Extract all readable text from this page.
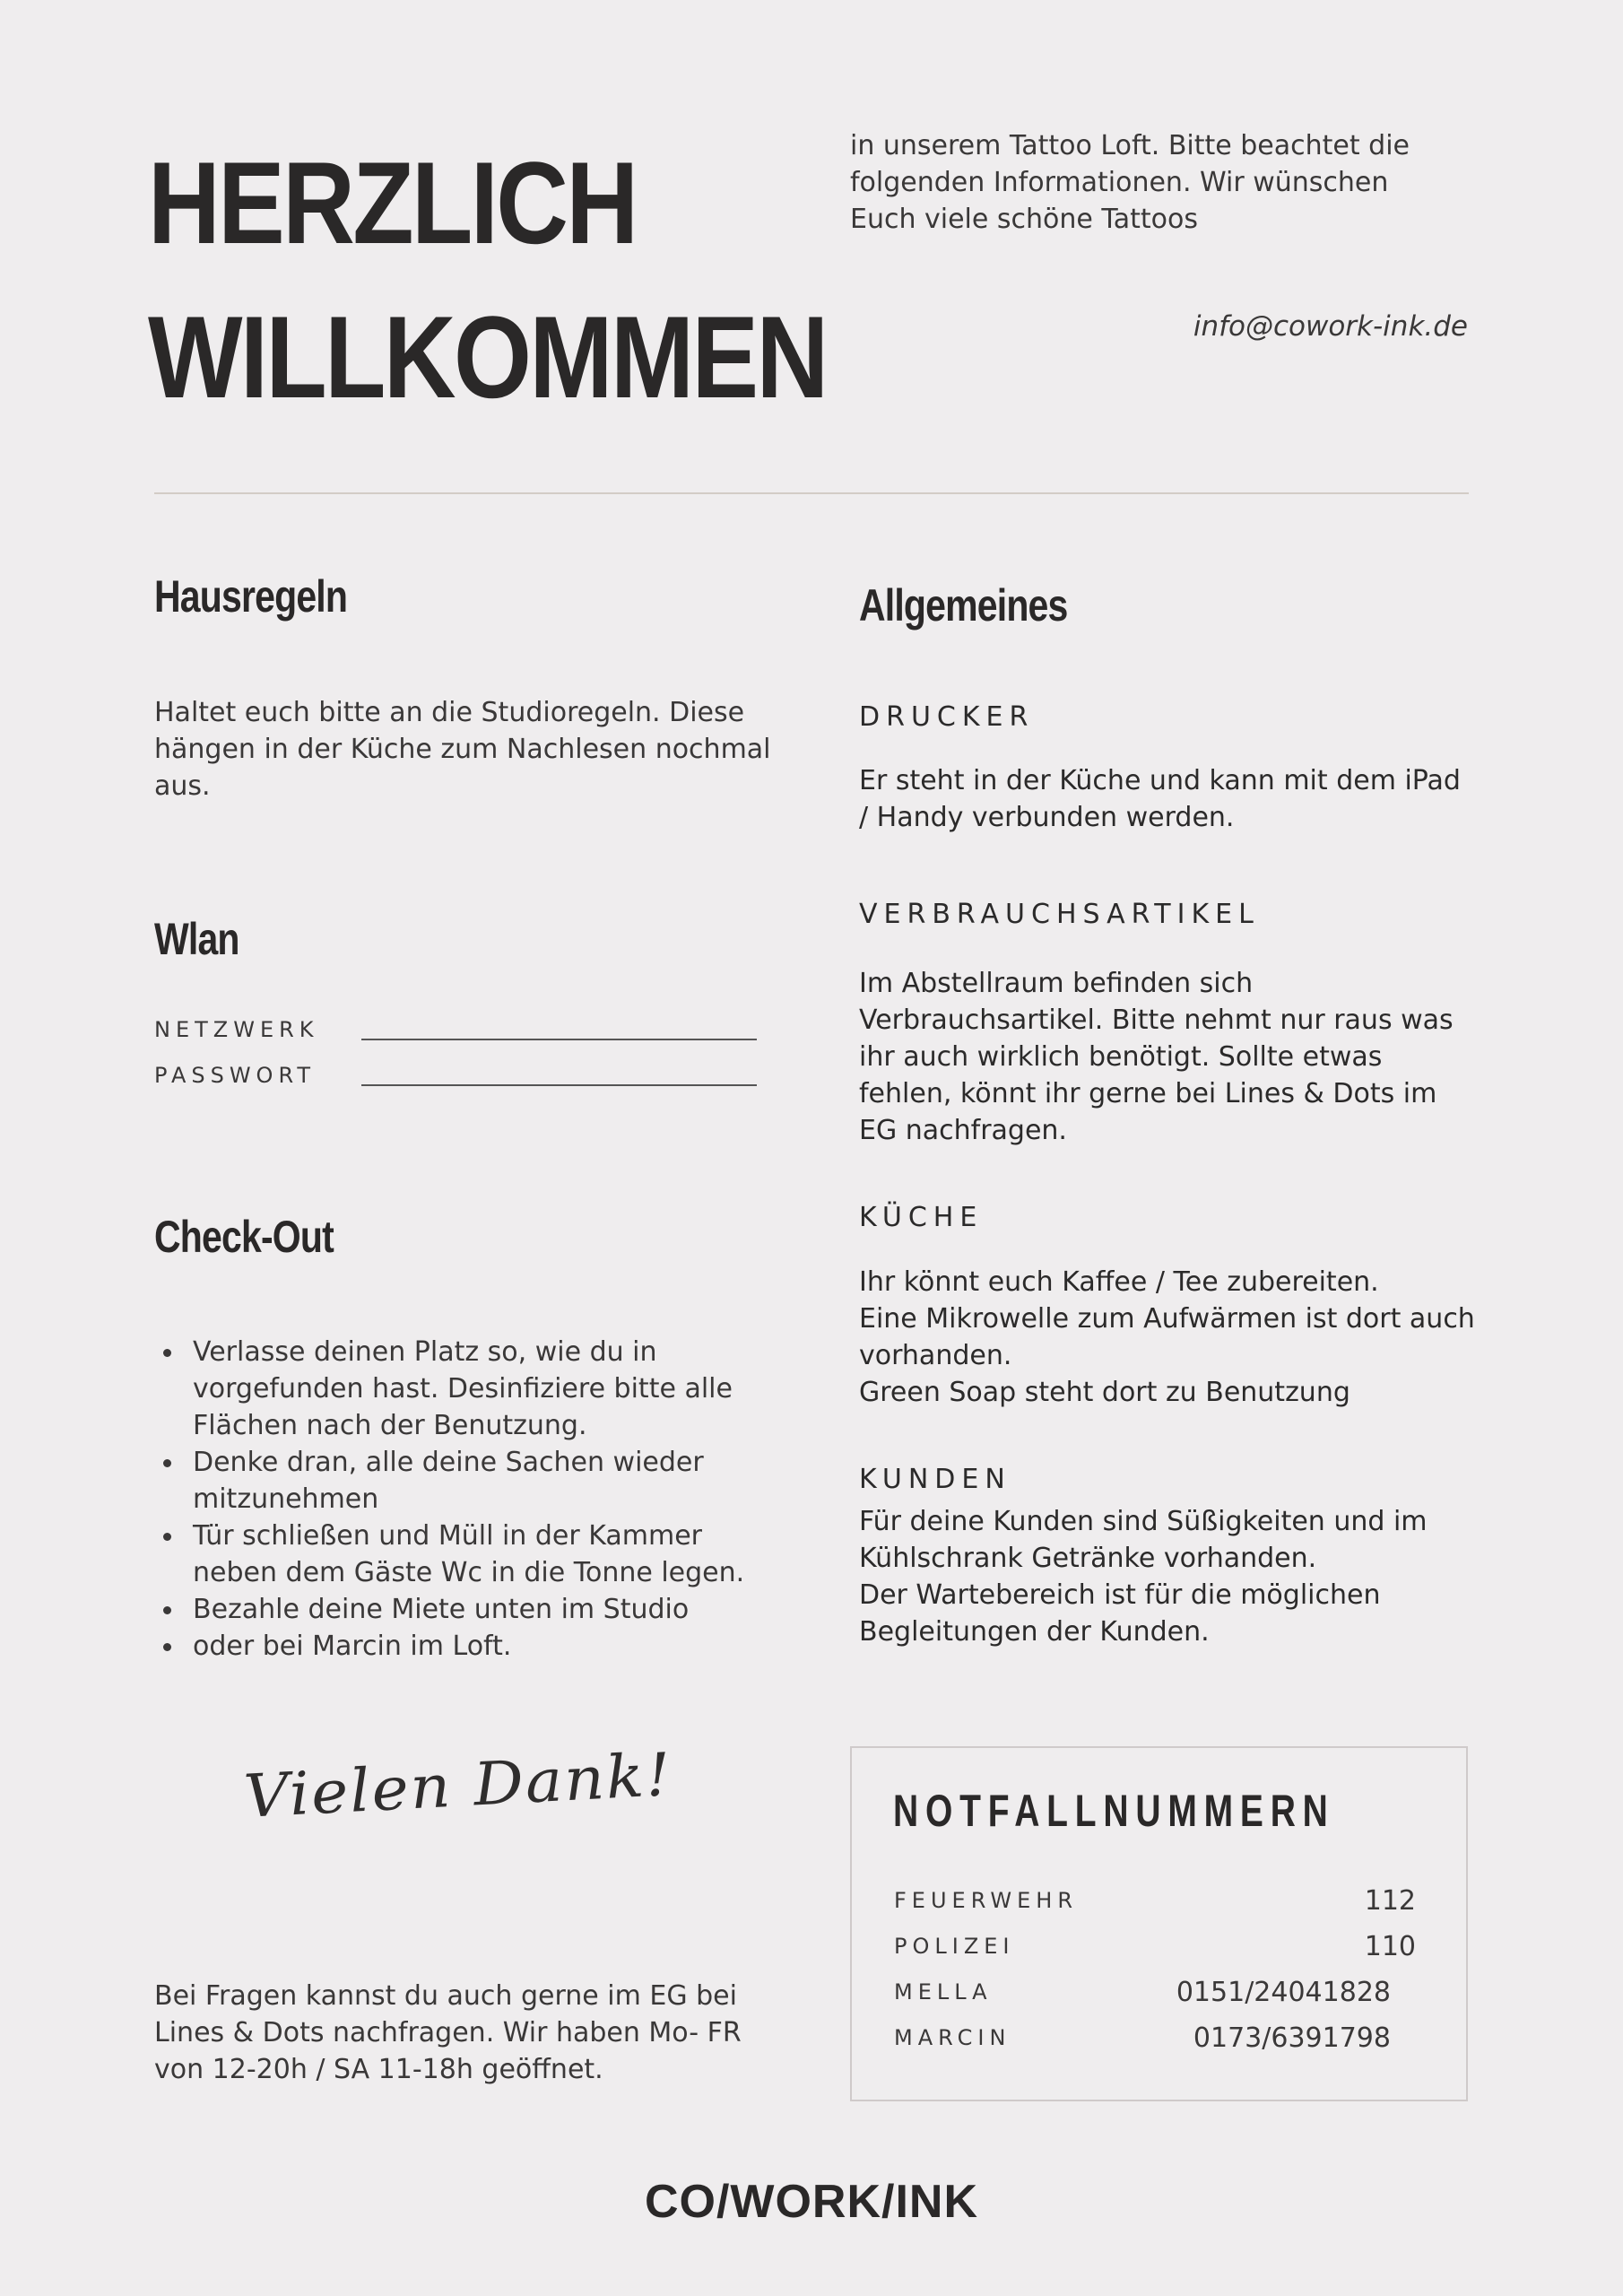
HERZLICH
WILLKOMMEN
in unserem Tattoo Loft. Bitte beachtet die folgenden Informationen. Wir wünschen Euch viele schöne Tattoos
info@cowork-ink.de
Hausregeln
Haltet euch bitte an die Studioregeln. Diese hängen in der Küche zum Nachlesen nochmal aus.
Wlan
NETZWERK
PASSWORT
Check-Out
Verlasse deinen Platz so, wie du in vorgefunden hast. Desinfiziere bitte alle Flächen nach der Benutzung.
Denke dran, alle deine Sachen wieder mitzunehmen
Tür schließen und Müll in der Kammer neben dem Gäste Wc in die Tonne legen.
Bezahle deine Miete unten im Studio
oder bei Marcin im Loft.
Vielen Dank!
Bei Fragen kannst du auch gerne im EG bei Lines & Dots nachfragen. Wir haben Mo- FR von 12-20h / SA 11-18h geöffnet.
Allgemeines
DRUCKER
Er steht in der Küche und kann mit dem iPad / Handy verbunden werden.
VERBRAUCHSARTIKEL
Im Abstellraum befinden sich Verbrauchsartikel. Bitte nehmt nur raus was ihr auch wirklich benötigt. Sollte etwas fehlen, könnt ihr gerne bei Lines & Dots im EG nachfragen.
KÜCHE
Ihr könnt euch Kaffee / Tee zubereiten.
Eine Mikrowelle zum Aufwärmen ist dort auch vorhanden.
Green Soap steht dort zu Benutzung
KUNDEN
Für deine Kunden sind Süßigkeiten und im Kühlschrank Getränke vorhanden.
Der Wartebereich ist für die möglichen Begleitungen der Kunden.
NOTFALLNUMMERN
FEUERWEHR	112
POLIZEI	110
MELLA	0151/24041828
MARCIN	0173/6391798
CO/WORK/INK
